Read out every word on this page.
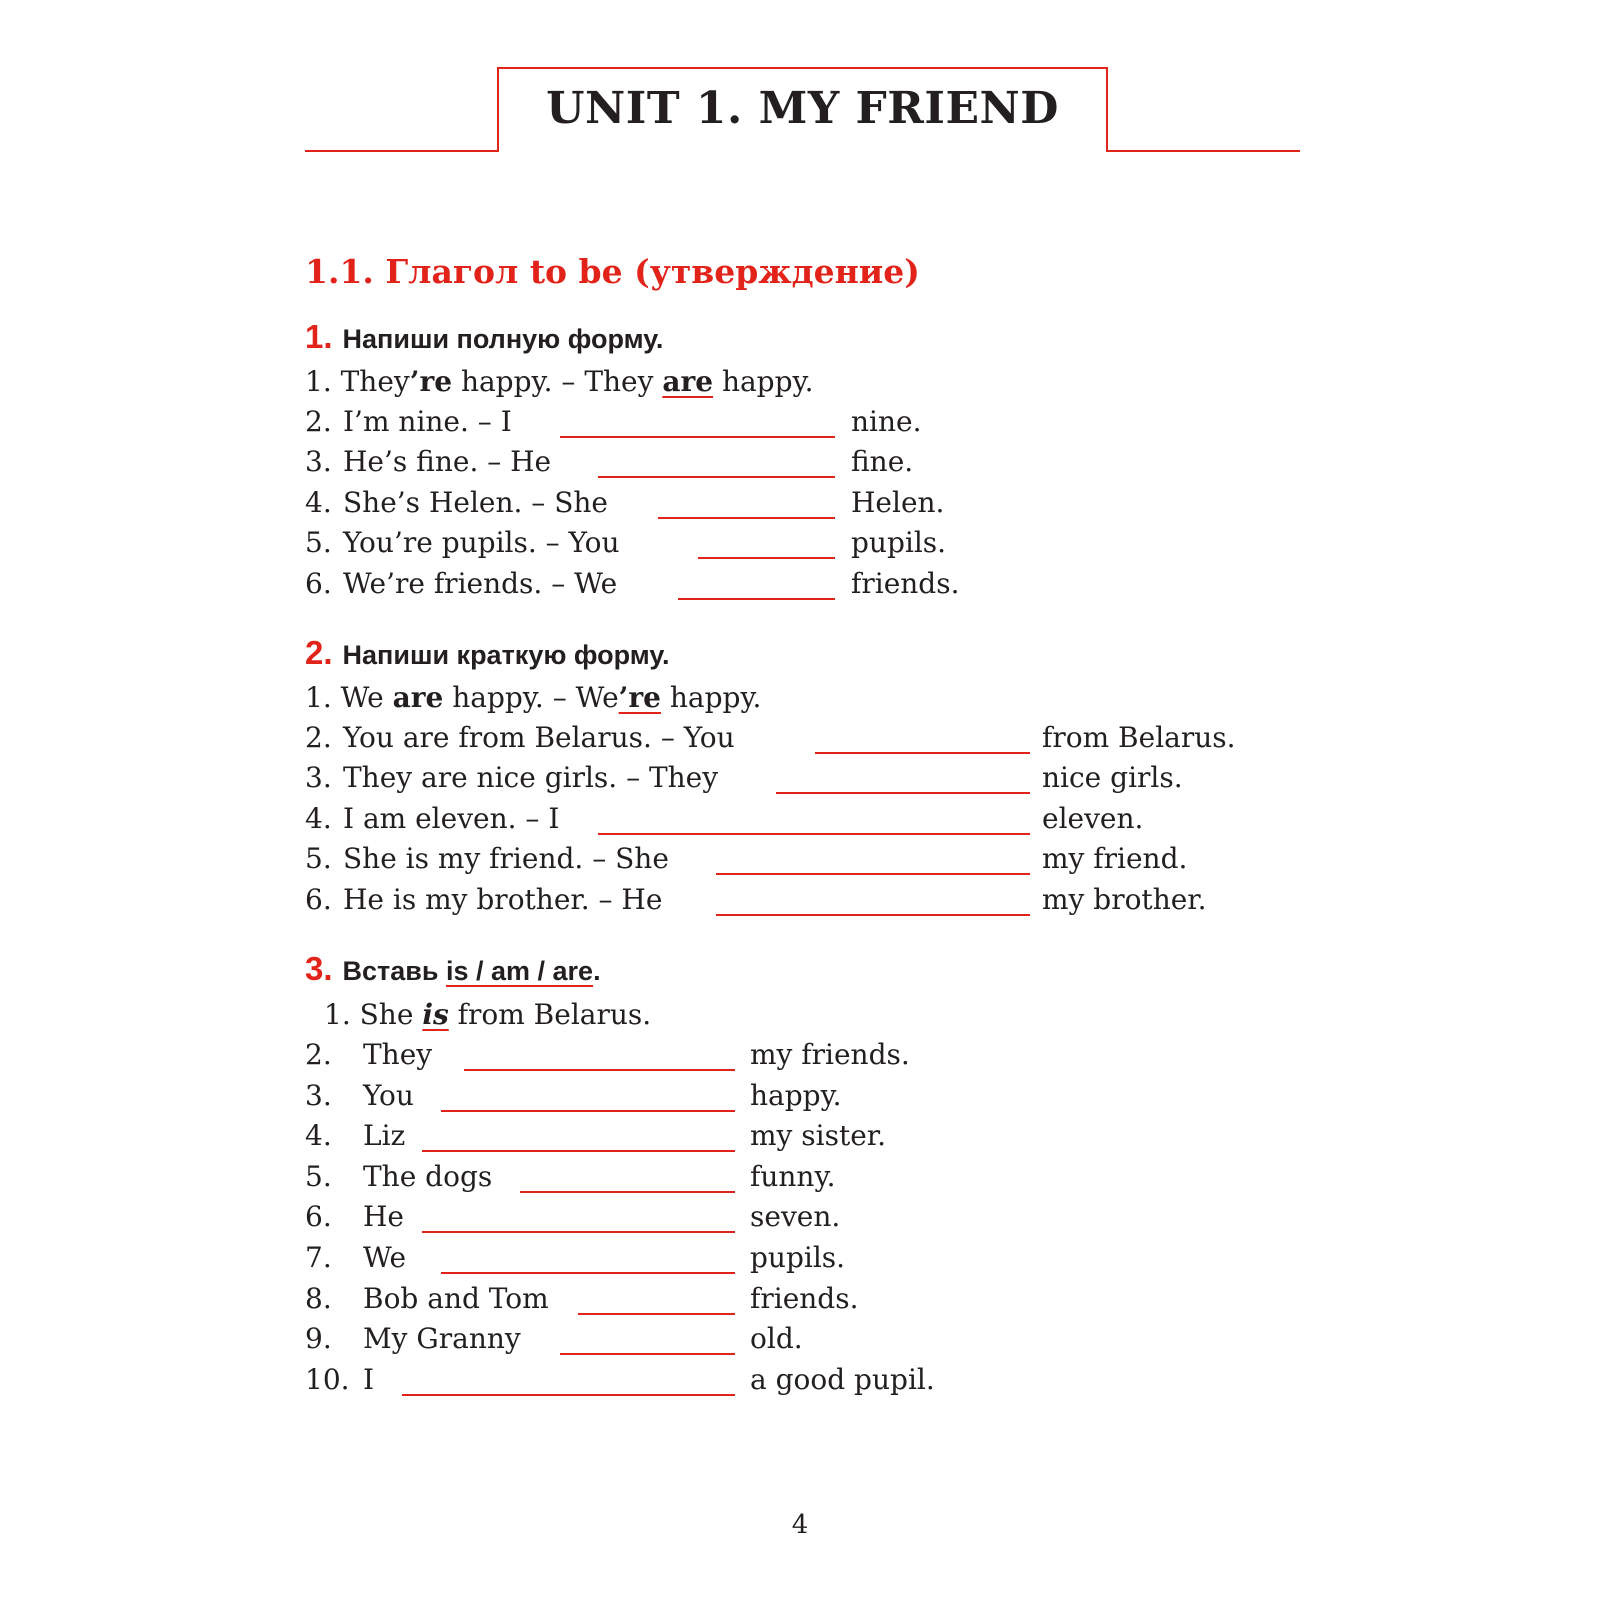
UNIT 1. MY FRIEND
1.1. Глагол to be (утверждение)
1. Напиши полную форму.
1. They’re happy. – They are happy.
2. I’m nine. – I	nine.
3. He’s fine. – He	fine.
4. She’s Helen. – She	Helen.
5. You’re pupils. – You	pupils.
6. We’re friends. – We	friends.
2. Напиши краткую форму.
1. We are happy. – We’re happy.
2. You are from Belarus. – You	from Belarus.
3. They are nice girls. – They	nice girls.
4. I am eleven. – I	eleven.
5. She is my friend. – She	my friend.
6. He is my brother. – He	my brother.
3. Вставь is / am / are.
1. She is from Belarus.
2. They	my friends.
3. You	happy.
4. Liz	my sister.
5. The dogs	funny.
6. He	seven.
7. We	pupils.
8. Bob and Tom	friends.
9. My Granny	old.
10. I	a good pupil.
4
